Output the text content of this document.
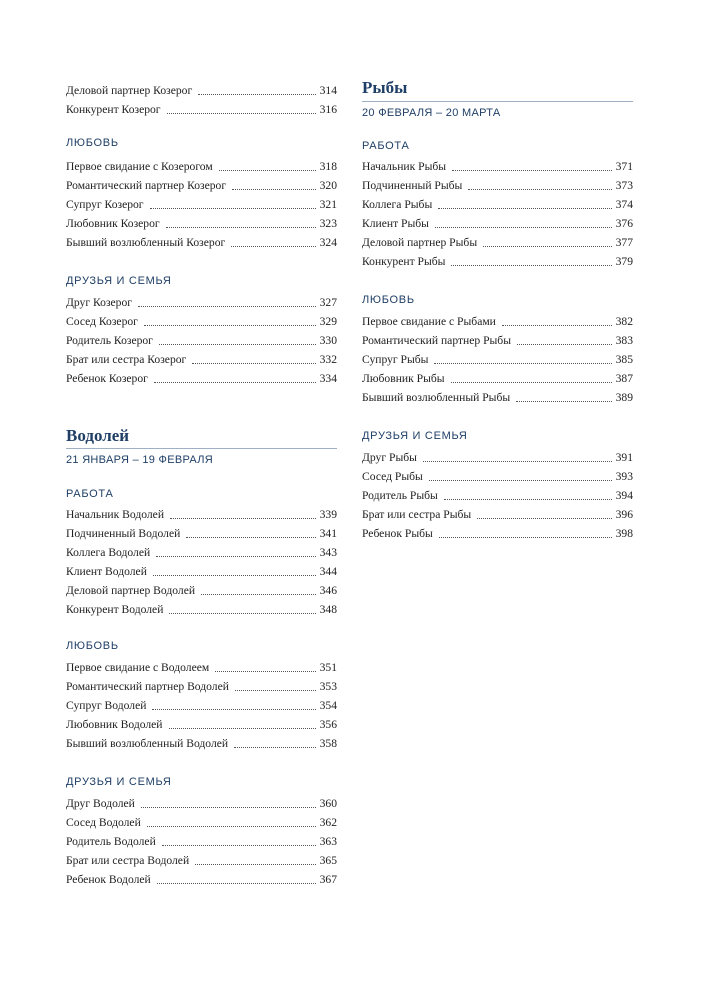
Деловой партнер Козерог	314
Конкурент Козерог	316
ЛЮБОВЬ
Первое свидание с Козерогом	318
Романтический партнер Козерог	320
Супруг Козерог	321
Любовник Козерог	323
Бывший возлюбленный Козерог	324
ДРУЗЬЯ И СЕМЬЯ
Друг Козерог	327
Сосед Козерог	329
Родитель Козерог	330
Брат или сестра Козерог	332
Ребенок Козерог	334
Водолей
21 ЯНВАРЯ – 19 ФЕВРАЛЯ
РАБОТА
Начальник Водолей	339
Подчиненный Водолей	341
Коллега Водолей	343
Клиент Водолей	344
Деловой партнер Водолей	346
Конкурент Водолей	348
ЛЮБОВЬ
Первое свидание с Водолеем	351
Романтический партнер Водолей	353
Супруг Водолей	354
Любовник Водолей	356
Бывший возлюбленный Водолей	358
ДРУЗЬЯ И СЕМЬЯ
Друг Водолей	360
Сосед Водолей	362
Родитель Водолей	363
Брат или сестра Водолей	365
Ребенок Водолей	367
Рыбы
20 ФЕВРАЛЯ – 20 МАРТА
РАБОТА
Начальник Рыбы	371
Подчиненный Рыбы	373
Коллега Рыбы	374
Клиент Рыбы	376
Деловой партнер Рыбы	377
Конкурент Рыбы	379
ЛЮБОВЬ
Первое свидание с Рыбами	382
Романтический партнер Рыбы	383
Супруг Рыбы	385
Любовник Рыбы	387
Бывший возлюбленный Рыбы	389
ДРУЗЬЯ И СЕМЬЯ
Друг Рыбы	391
Сосед Рыбы	393
Родитель Рыбы	394
Брат или сестра Рыбы	396
Ребенок Рыбы	398
